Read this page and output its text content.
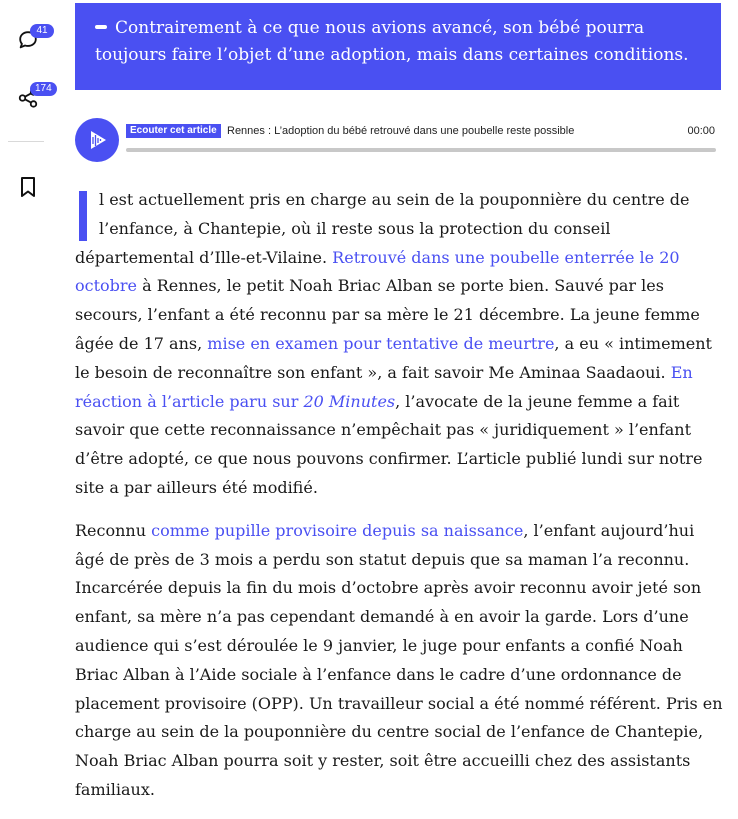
41
174
Contrairement à ce que nous avions avancé, son bébé pourra toujours faire l’objet d’une adoption, mais dans certaines conditions.
Ecouter cet article Rennes : L’adoption du bébé retrouvé dans une poubelle reste possible	00:00

l est actuellement pris en charge au sein de la pouponnière du centre de l’enfance, à Chantepie, où il reste sous la protection du conseil départemental d’Ille-et-Vilaine. Retrouvé dans une poubelle enterrée le 20 octobre à Rennes, le petit Noah Briac Alban se porte bien. Sauvé par les secours, l’enfant a été reconnu par sa mère le 21 décembre. La jeune femme âgée de 17 ans, mise en examen pour tentative de meurtre, a eu « intimement le besoin de reconnaître son enfant », a fait savoir Me Aminaa Saadaoui. En réaction à l’article paru sur 20 Minutes, l’avocate de la jeune femme a fait savoir que cette reconnaissance n’empêchait pas « juridiquement » l’enfant d’être adopté, ce que nous pouvons confirmer. L’article publié lundi sur notre site a par ailleurs été modifié.

Reconnu comme pupille provisoire depuis sa naissance, l’enfant aujourd’hui âgé de près de 3 mois a perdu son statut depuis que sa maman l’a reconnu. Incarcérée depuis la fin du mois d’octobre après avoir reconnu avoir jeté son enfant, sa mère n’a pas cependant demandé à en avoir la garde. Lors d’une audience qui s’est déroulée le 9 janvier, le juge pour enfants a confié Noah Briac Alban à l’Aide sociale à l’enfance dans le cadre d’une ordonnance de placement provisoire (OPP). Un travailleur social a été nommé référent. Pris en charge au sein de la pouponnière du centre social de l’enfance de Chantepie, Noah Briac Alban pourra soit y rester, soit être accueilli chez des assistants familiaux.
